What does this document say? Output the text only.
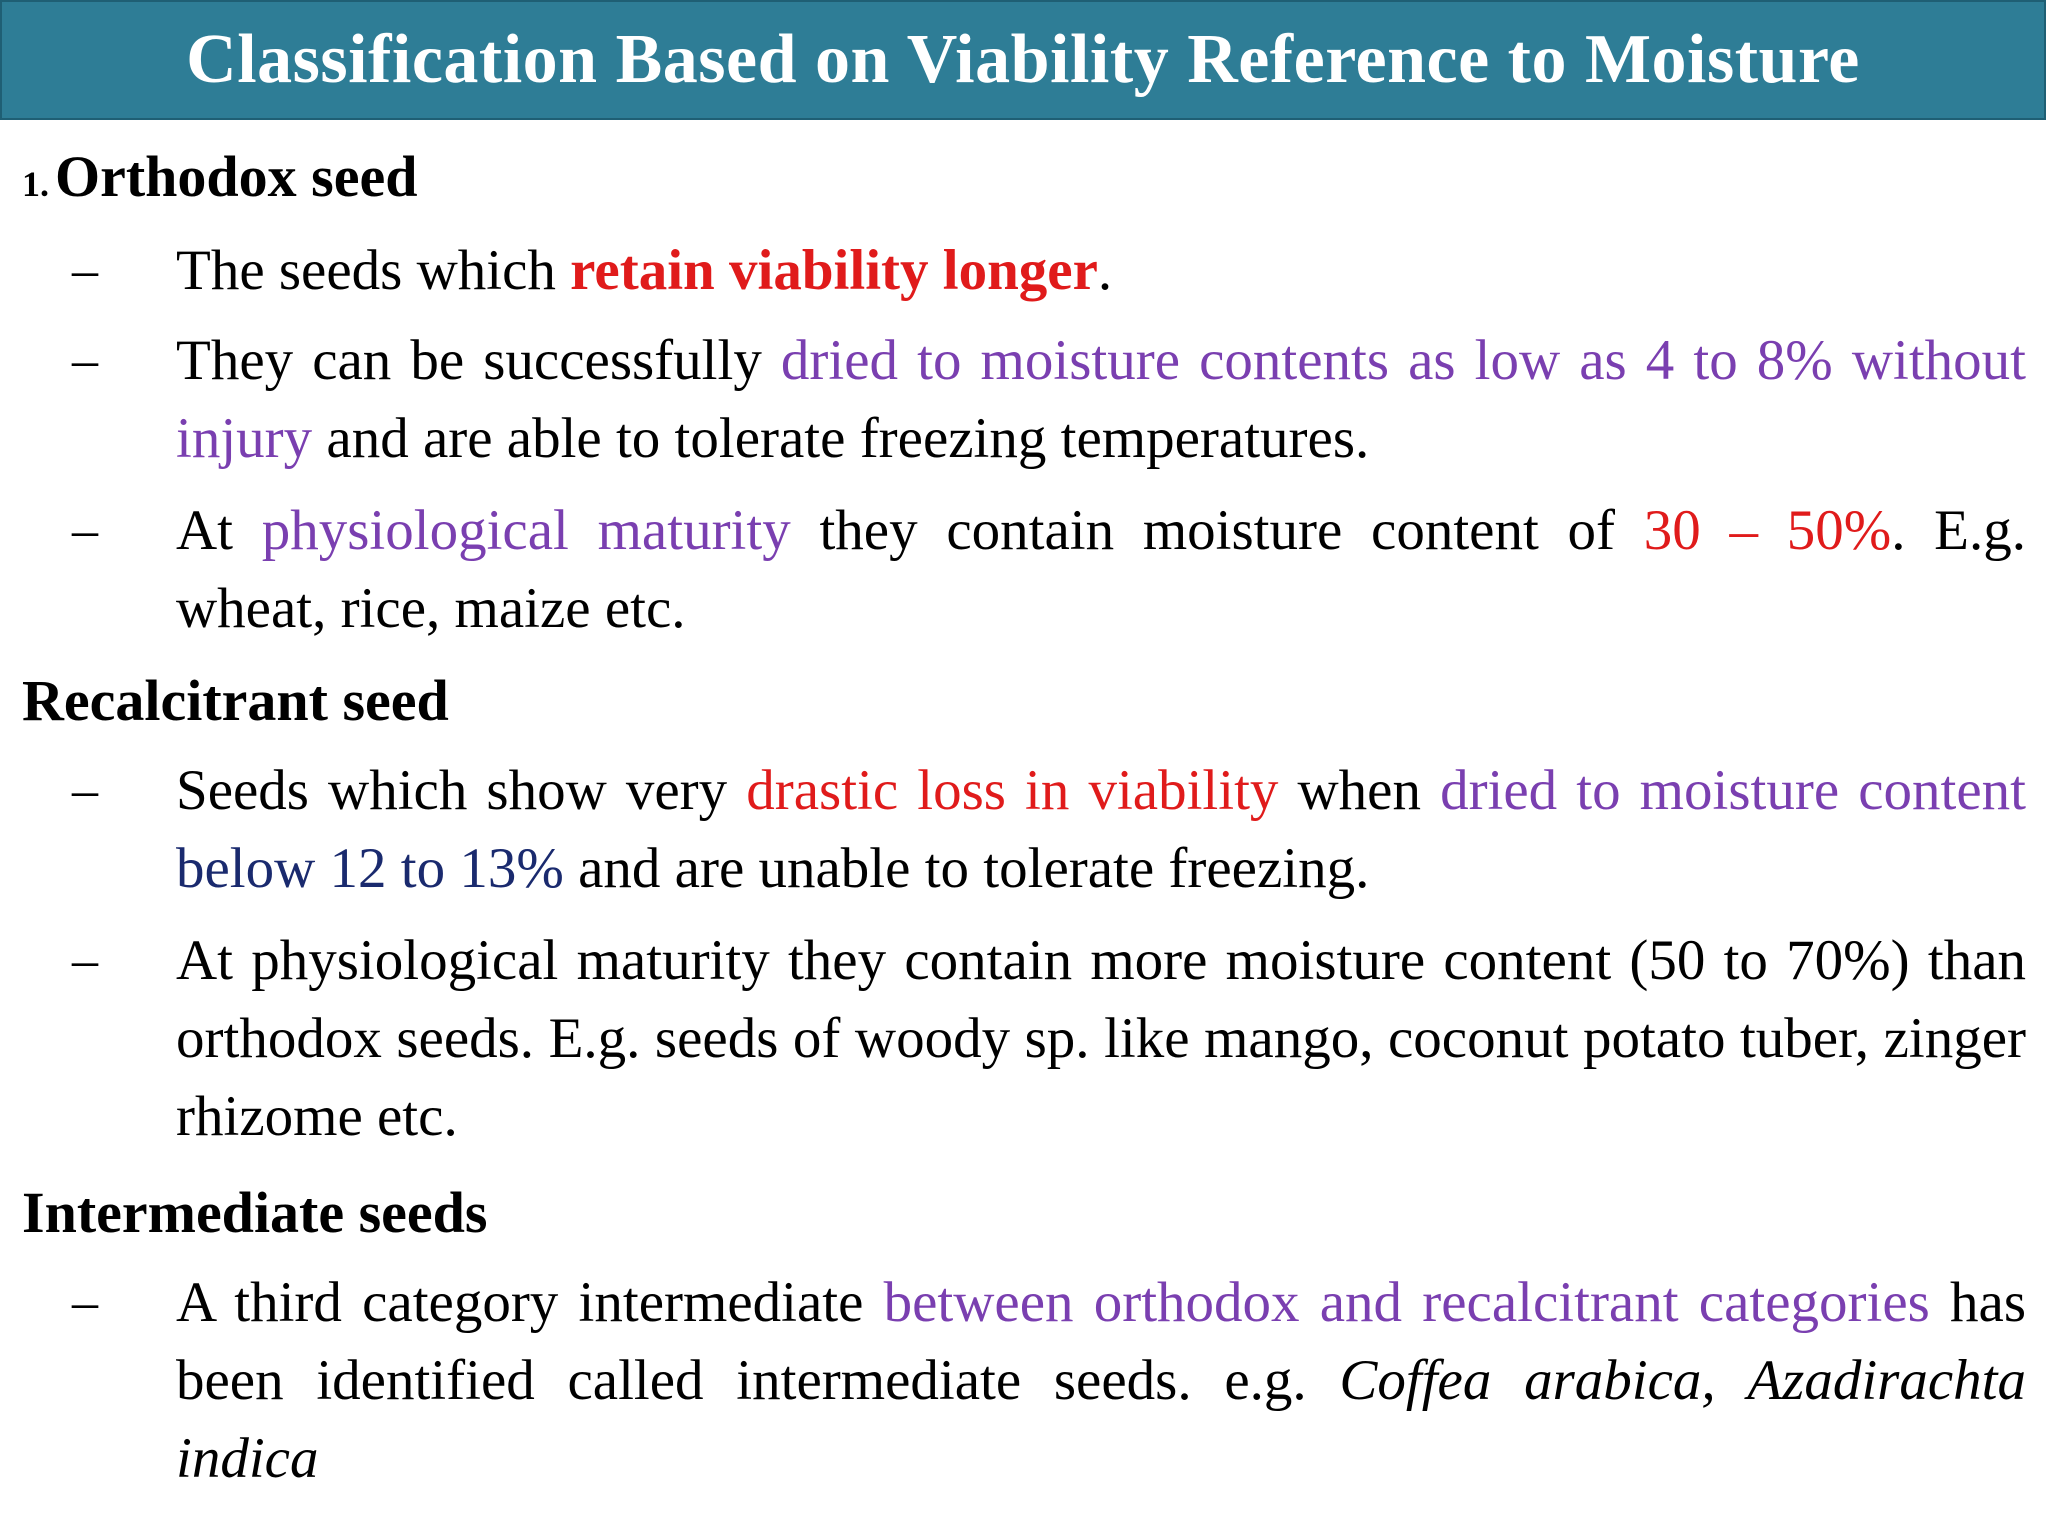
Classification Based on Viability Reference to Moisture
1. Orthodox seed
– The seeds which retain viability longer.
– They can be successfully dried to moisture contents as low as 4 to 8% without injury and are able to tolerate freezing temperatures.
– At physiological maturity they contain moisture content of 30 – 50%. E.g. wheat, rice, maize etc.
Recalcitrant seed
– Seeds which show very drastic loss in viability when dried to moisture content below 12 to 13% and are unable to tolerate freezing.
– At physiological maturity they contain more moisture content (50 to 70%) than orthodox seeds. E.g. seeds of woody sp. like mango, coconut potato tuber, zinger rhizome etc.
Intermediate seeds
– A third category intermediate between orthodox and recalcitrant categories has been identified called intermediate seeds. e.g. Coffea arabica, Azadirachta indica
